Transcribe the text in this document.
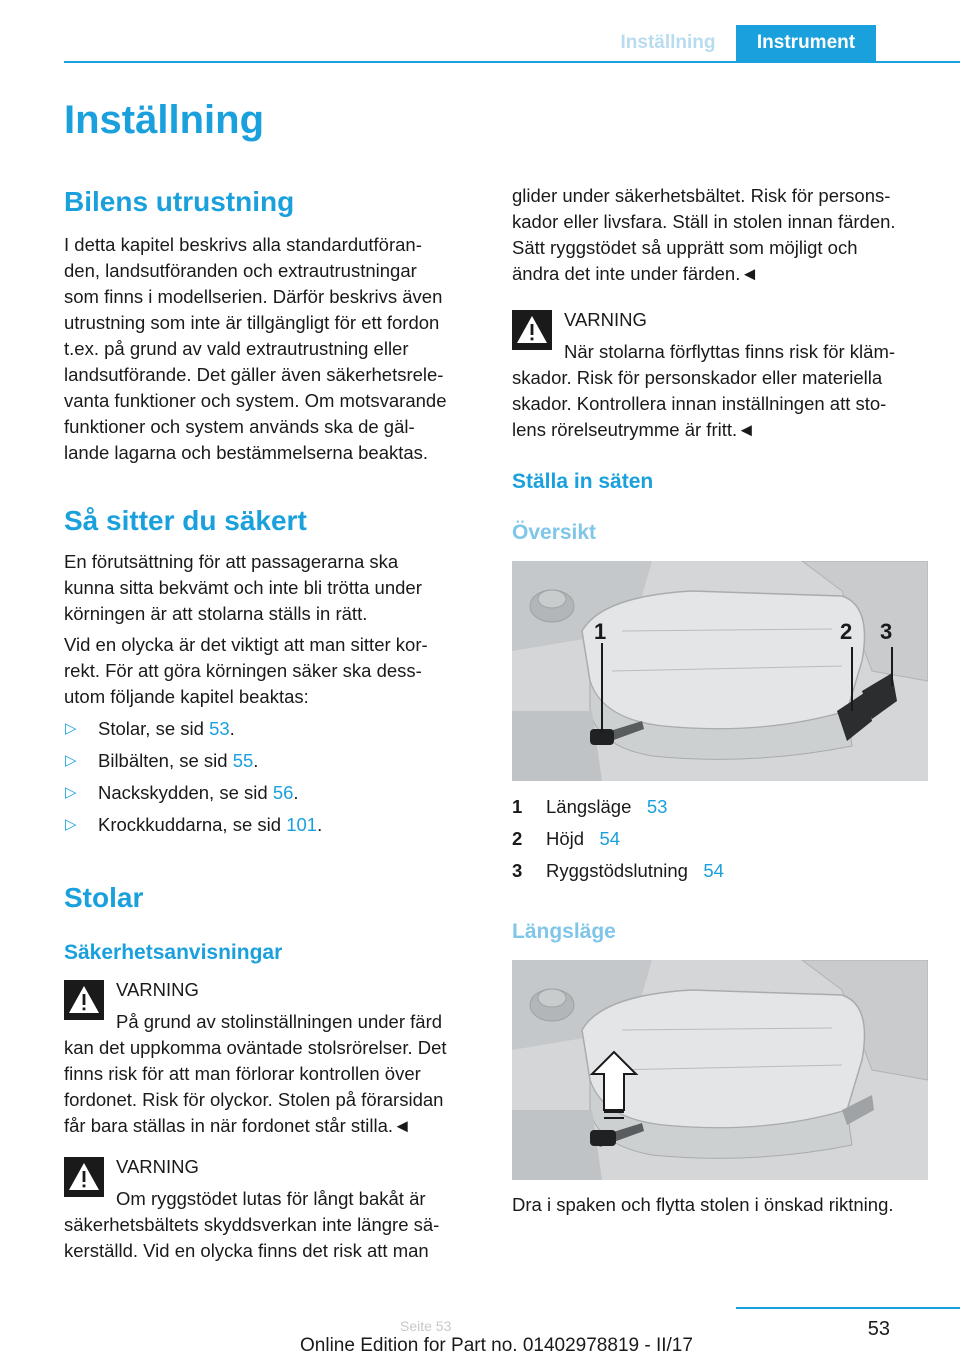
Inställning	Instrument
Inställning
Bilens utrustning

I detta kapitel beskrivs alla standardutföran-

den, landsutföranden och extrautrustningar

som finns i modellserien. Därför beskrivs även

utrustning som inte är tillgängligt för ett fordon

t.ex. på grund av vald extrautrustning eller

landsutförande. Det gäller även säkerhetsrele-

vanta funktioner och system. Om motsvarande

funktioner och system används ska de gäl-

lande lagarna och bestämmelserna beaktas.

Så sitter du säkert

En förutsättning för att passagerarna ska

kunna sitta bekvämt och inte bli trötta under

körningen är att stolarna ställs in rätt.

Vid en olycka är det viktigt att man sitter kor-

rekt. För att göra körningen säker ska dess-

utom följande kapitel beaktas:

▷ Stolar, se sid 53.
▷ Bilbälten, se sid 55.
▷ Nackskydden, se sid 56.
▷ Krockkuddarna, se sid 101.
Stolar
Säkerhetsanvisningar
VARNING
På grund av stolinställningen under färd

kan det uppkomma oväntade stolsrörelser. Det

finns risk för att man förlorar kontrollen över

fordonet. Risk för olyckor. Stolen på förarsidan

får bara ställas in när fordonet står stilla.◄

VARNING
Om ryggstödet lutas för långt bakåt är

säkerhetsbältets skyddsverkan inte längre sä-

kerställd. Vid en olycka finns det risk att man

glider under säkerhetsbältet. Risk för persons-

kador eller livsfara. Ställ in stolen innan färden.

Sätt ryggstödet så upprätt som möjligt och

ändra det inte under färden.◄

VARNING
När stolarna förflyttas finns risk för kläm-

skador. Risk för personskador eller materiella

skador. Kontrollera innan inställningen att sto-

lens rörelseutrymme är fritt.◄

Ställa in säten
Översikt
1	2 3
1	Längsläge 53
2	Höjd 54
3	Ryggstödslutning 54
Längsläge
Dra i spaken och flytta stolen i önskad riktning.
53
Seite 53
Online Edition for Part no. 01402978819 - II/17
